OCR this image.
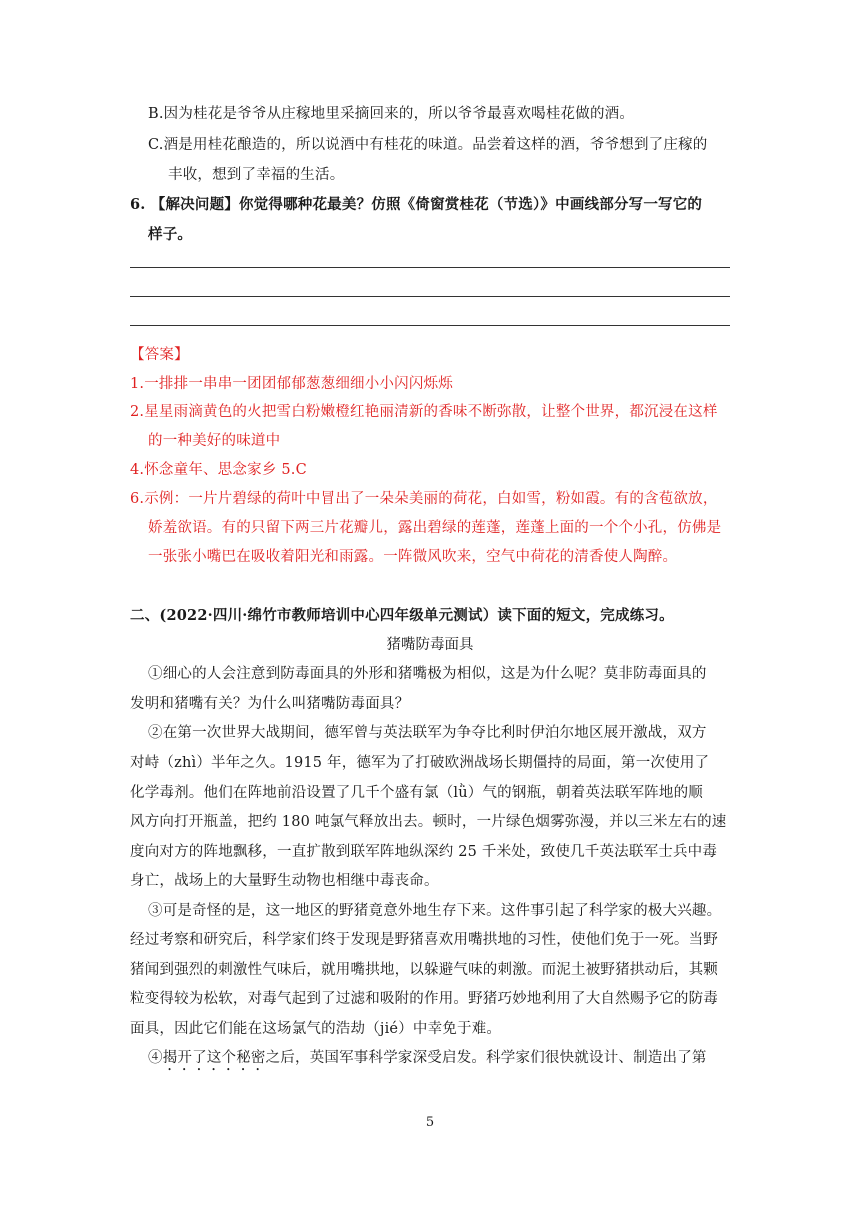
B.因为桂花是爷爷从庄稼地里采摘回来的，所以爷爷最喜欢喝桂花做的酒。
C.酒是用桂花酿造的，所以说酒中有桂花的味道。品尝着这样的酒，爷爷想到了庄稼的
丰收，想到了幸福的生活。
6. 【解决问题】你觉得哪种花最美？仿照《倚窗赏桂花（节选）》中画线部分写一写它的
样子。
【答案】
1.一排排一串串一团团郁郁葱葱细细小小闪闪烁烁
2.星星雨滴黄色的火把雪白粉嫩橙红艳丽清新的香味不断弥散，让整个世界，都沉浸在这样
的一种美好的味道中
4.怀念童年、思念家乡 5.C
6.示例：一片片碧绿的荷叶中冒出了一朵朵美丽的荷花，白如雪，粉如霞。有的含苞欲放，
娇羞欲语。有的只留下两三片花瓣儿，露出碧绿的莲蓬，莲蓬上面的一个个小孔，仿佛是
一张张小嘴巴在吸收着阳光和雨露。一阵微风吹来，空气中荷花的清香使人陶醉。
二、(2022·四川·绵竹市教师培训中心四年级单元测试）读下面的短文，完成练习。
猪嘴防毒面具
①细心的人会注意到防毒面具的外形和猪嘴极为相似，这是为什么呢？莫非防毒面具的
发明和猪嘴有关？为什么叫猪嘴防毒面具？
②在第一次世界大战期间，德军曾与英法联军为争夺比利时伊泊尔地区展开激战，双方
对峙（zhì）半年之久。1915 年，德军为了打破欧洲战场长期僵持的局面，第一次使用了
化学毒剂。他们在阵地前沿设置了几千个盛有氯（lǜ）气的钢瓶，朝着英法联军阵地的顺
风方向打开瓶盖，把约 180 吨氯气释放出去。顿时，一片绿色烟雾弥漫，并以三米左右的速
度向对方的阵地飘移，一直扩散到联军阵地纵深约 25 千米处，致使几千英法联军士兵中毒
身亡，战场上的大量野生动物也相继中毒丧命。
③可是奇怪的是，这一地区的野猪竟意外地生存下来。这件事引起了科学家的极大兴趣。
经过考察和研究后，科学家们终于发现是野猪喜欢用嘴拱地的习性，使他们免于一死。当野
猪闻到强烈的刺激性气味后，就用嘴拱地，以躲避气味的刺激。而泥土被野猪拱动后，其颗
粒变得较为松软，对毒气起到了过滤和吸附的作用。野猪巧妙地利用了大自然赐予它的防毒
面具，因此它们能在这场氯气的浩劫（jié）中幸免于难。
④揭开了这个秘密之后，英国军事科学家深受启发。科学家们很快就设计、制造出了第
5
